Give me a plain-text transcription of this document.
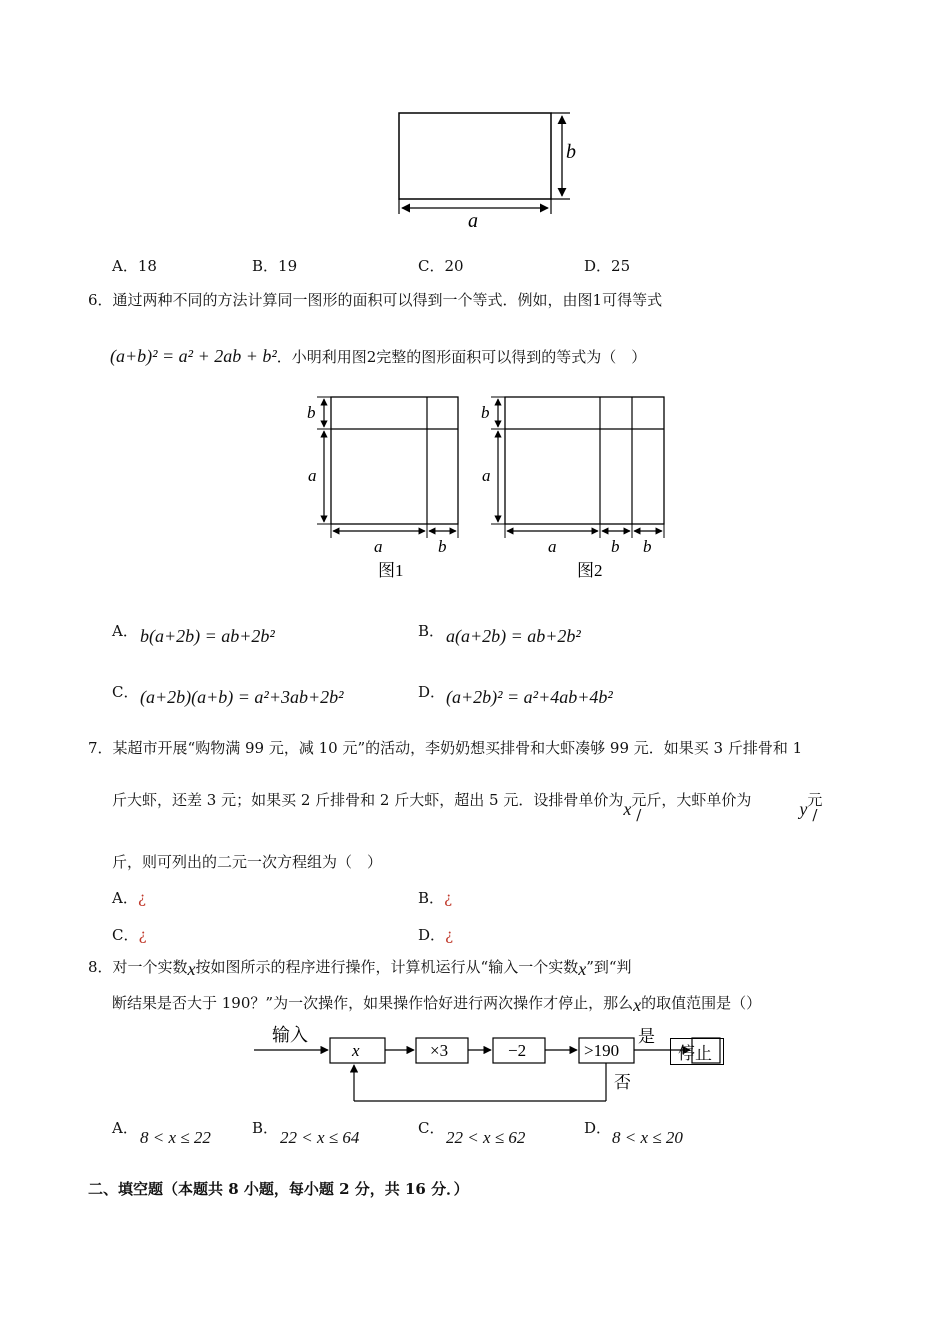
b
a
A．18	B．19	C．20	D．25
6．通过两种不同的方法计算同一图形的面积可以得到一个等式．例如，由图1可得等式
(a+b)² = a² + 2ab + b²．小明利用图2完整的图形面积可以得到的等式为（　）
b
a
a	b
图1
b
a
a	b b
图2
A． b(a+2b) = ab+2b²	B． a(a+2b) = ab+2b²
C． (a+2b)(a+b) = a²+3ab+2b²	D． (a+2b)² = a²+4ab+4b²
7．某超市开展“购物满 99 元，减 10 元”的活动，李奶奶想买排骨和大虾凑够 99 元．如果买 3 斤排骨和 1
斤大虾，还差 3 元；如果买 2 斤排骨和 2 斤大虾，超出 5 元．设排骨单价为x元
/斤，大虾单价为	y元
/
斤，则可列出的二元一次方程组为（　）
A．¿	B．¿
C．¿	D．¿
8．对一个实数x按如图所示的程序进行操作，计算机运行从“输入一个实数x”到“判
断结果是否大于 190？”为一次操作，如果操作恰好进行两次操作才停止，那么x的取值范围是（）
输入
x	×3	−2	>190
是
否
停止
A． 8 < x ≤ 22	B． 22 < x ≤ 64	C． 22 < x ≤ 62	D． 8 < x ≤ 20
二、填空题（本题共 8 小题，每小题 2 分，共 16 分．）
